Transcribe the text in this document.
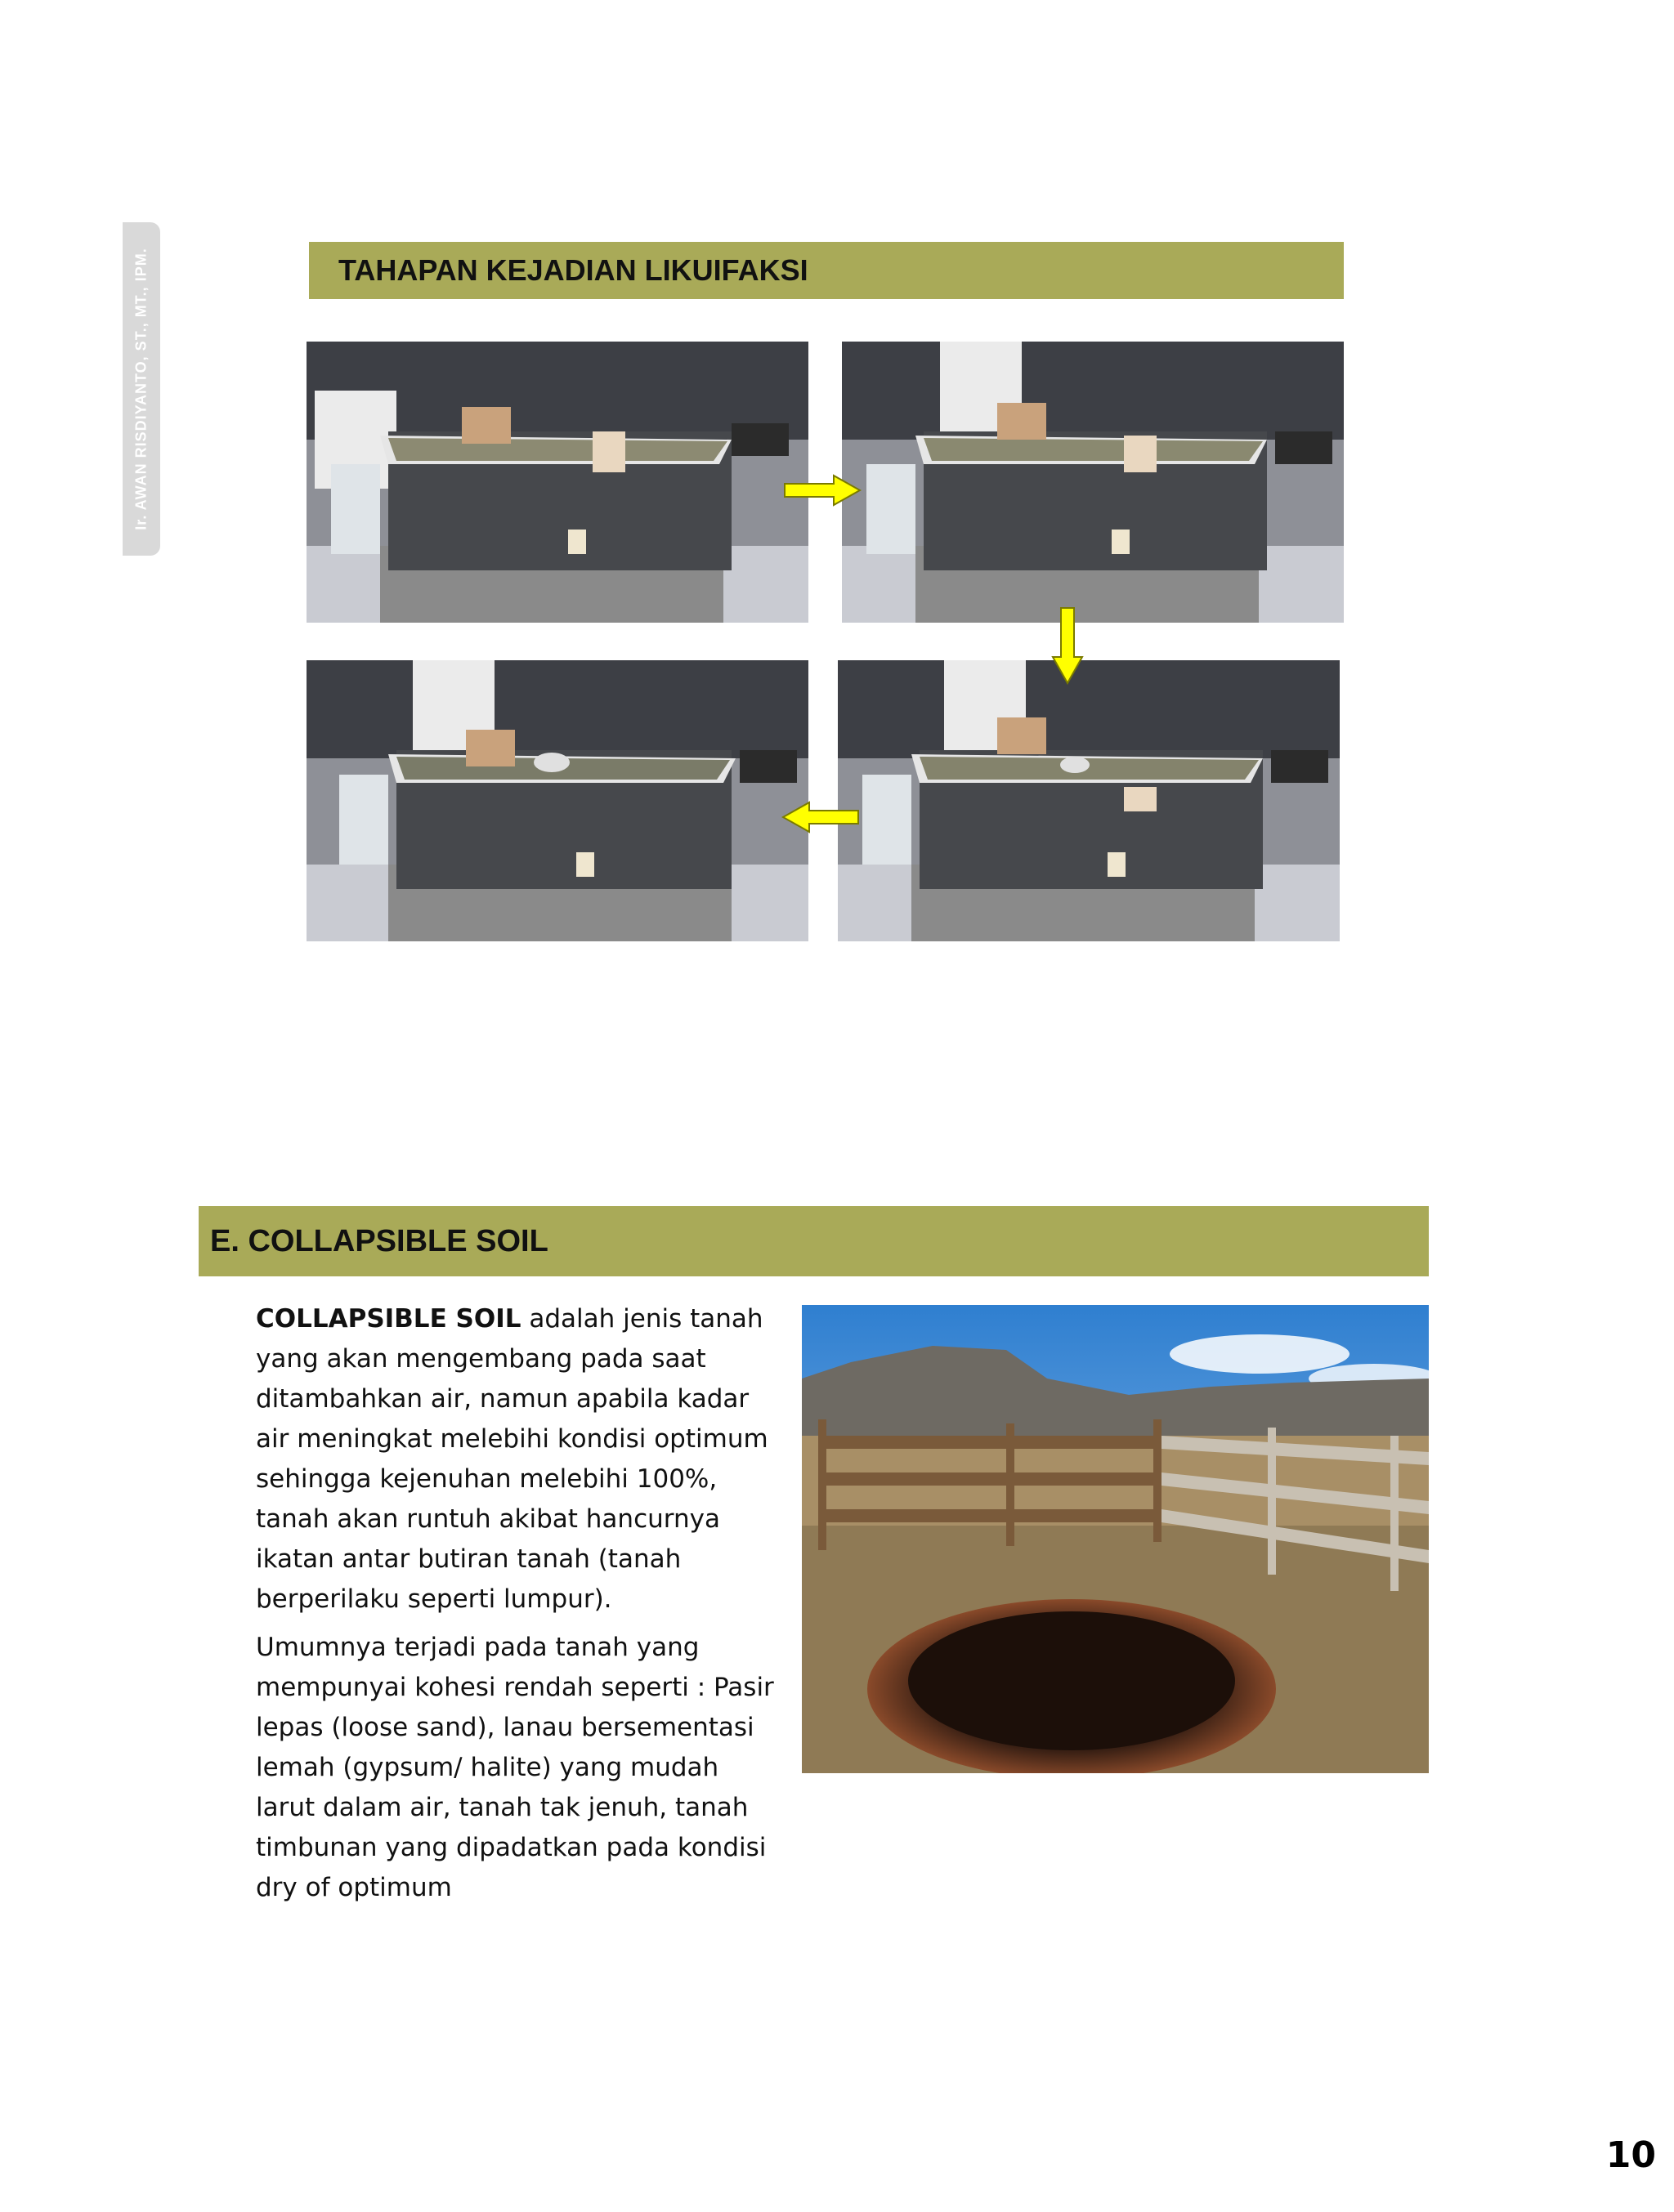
Ir. AWAN RISDIYANTO, ST., MT., IPM.	TAHAPAN KEJADIAN LIKUIFAKSI
E. COLLAPSIBLE SOIL

COLLAPSIBLE SOIL adalah jenis tanah yang akan mengembang pada saat ditambahkan air, namun apabila kadar air meningkat melebihi kondisi optimum sehingga kejenuhan melebihi 100%, tanah akan runtuh akibat hancurnya ikatan antar butiran tanah (tanah berperilaku seperti lumpur).

Umumnya terjadi pada tanah yang mempunyai kohesi rendah seperti : Pasir lepas (loose sand), lanau bersementasi lemah (gypsum/ halite) yang mudah larut dalam air, tanah tak jenuh, tanah timbunan yang dipadatkan pada kondisi dry of optimum

10
